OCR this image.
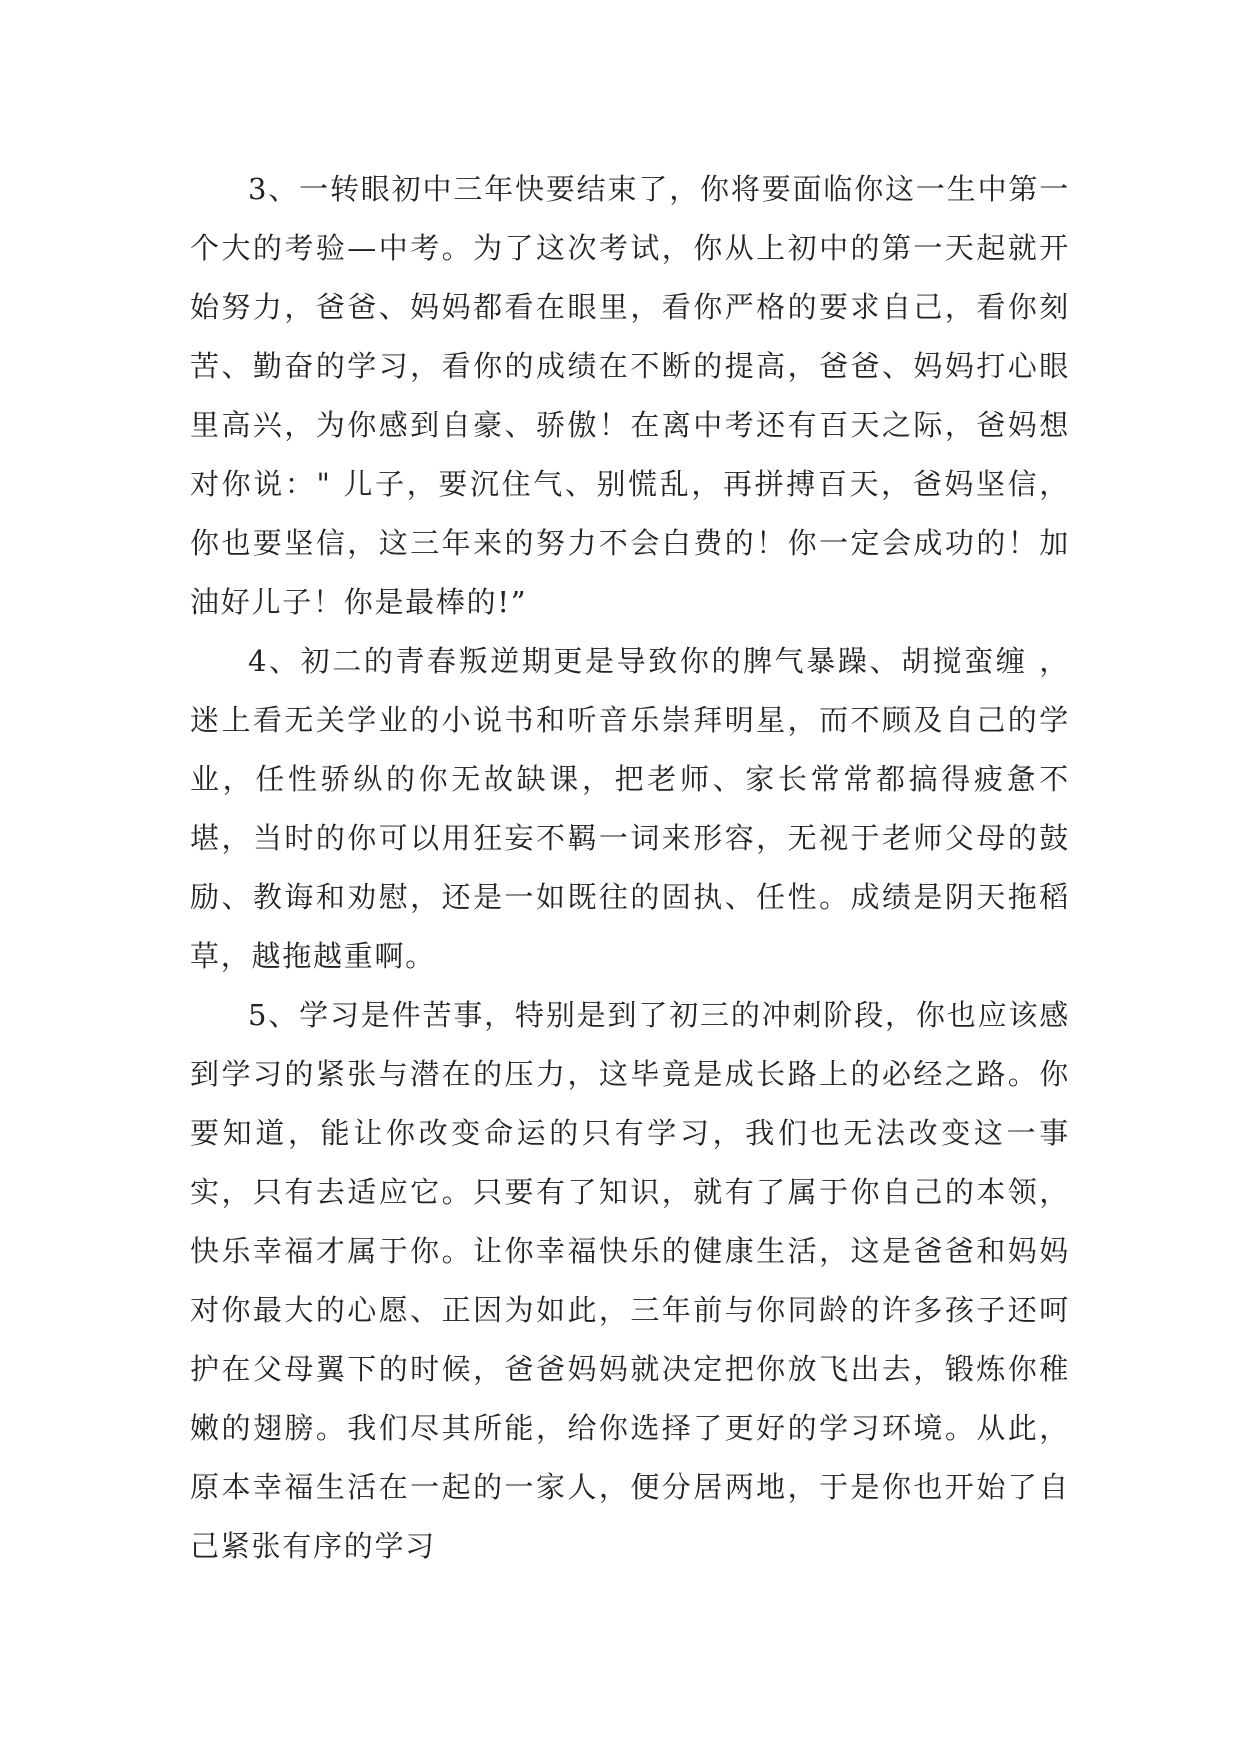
3、一转眼初中三年快要结束了，你将要面临你这一生中第一个大的考验—中考。为了这次考试，你从上初中的第一天起就开始努力，爸爸、妈妈都看在眼里，看你严格的要求自己，看你刻苦、勤奋的学习，看你的成绩在不断的提高，爸爸、妈妈打心眼里高兴，为你感到自豪、骄傲！在离中考还有百天之际，爸妈想对你说：" 儿子，要沉住气、别慌乱，再拼搏百天，爸妈坚信，你也要坚信，这三年来的努力不会白费的！你一定会成功的！加油好儿子！你是最棒的!”

4、初二的青春叛逆期更是导致你的脾气暴躁、胡搅蛮缠 ，迷上看无关学业的小说书和听音乐崇拜明星，而不顾及自己的学业，任性骄纵的你无故缺课，把老师、家长常常都搞得疲惫不堪，当时的你可以用狂妄不羁一词来形容，无视于老师父母的鼓励、教诲和劝慰，还是一如既往的固执、任性。成绩是阴天拖稻草，越拖越重啊。

5、学习是件苦事，特别是到了初三的冲刺阶段，你也应该感到学习的紧张与潜在的压力，这毕竟是成长路上的必经之路。你要知道，能让你改变命运的只有学习，我们也无法改变这一事实，只有去适应它。只要有了知识，就有了属于你自己的本领，快乐幸福才属于你。让你幸福快乐的健康生活，这是爸爸和妈妈对你最大的心愿、正因为如此，三年前与你同龄的许多孩子还呵护在父母翼下的时候，爸爸妈妈就决定把你放飞出去，锻炼你稚嫩的翅膀。我们尽其所能，给你选择了更好的学习环境。从此，原本幸福生活在一起的一家人，便分居两地，于是你也开始了自己紧张有序的学习
